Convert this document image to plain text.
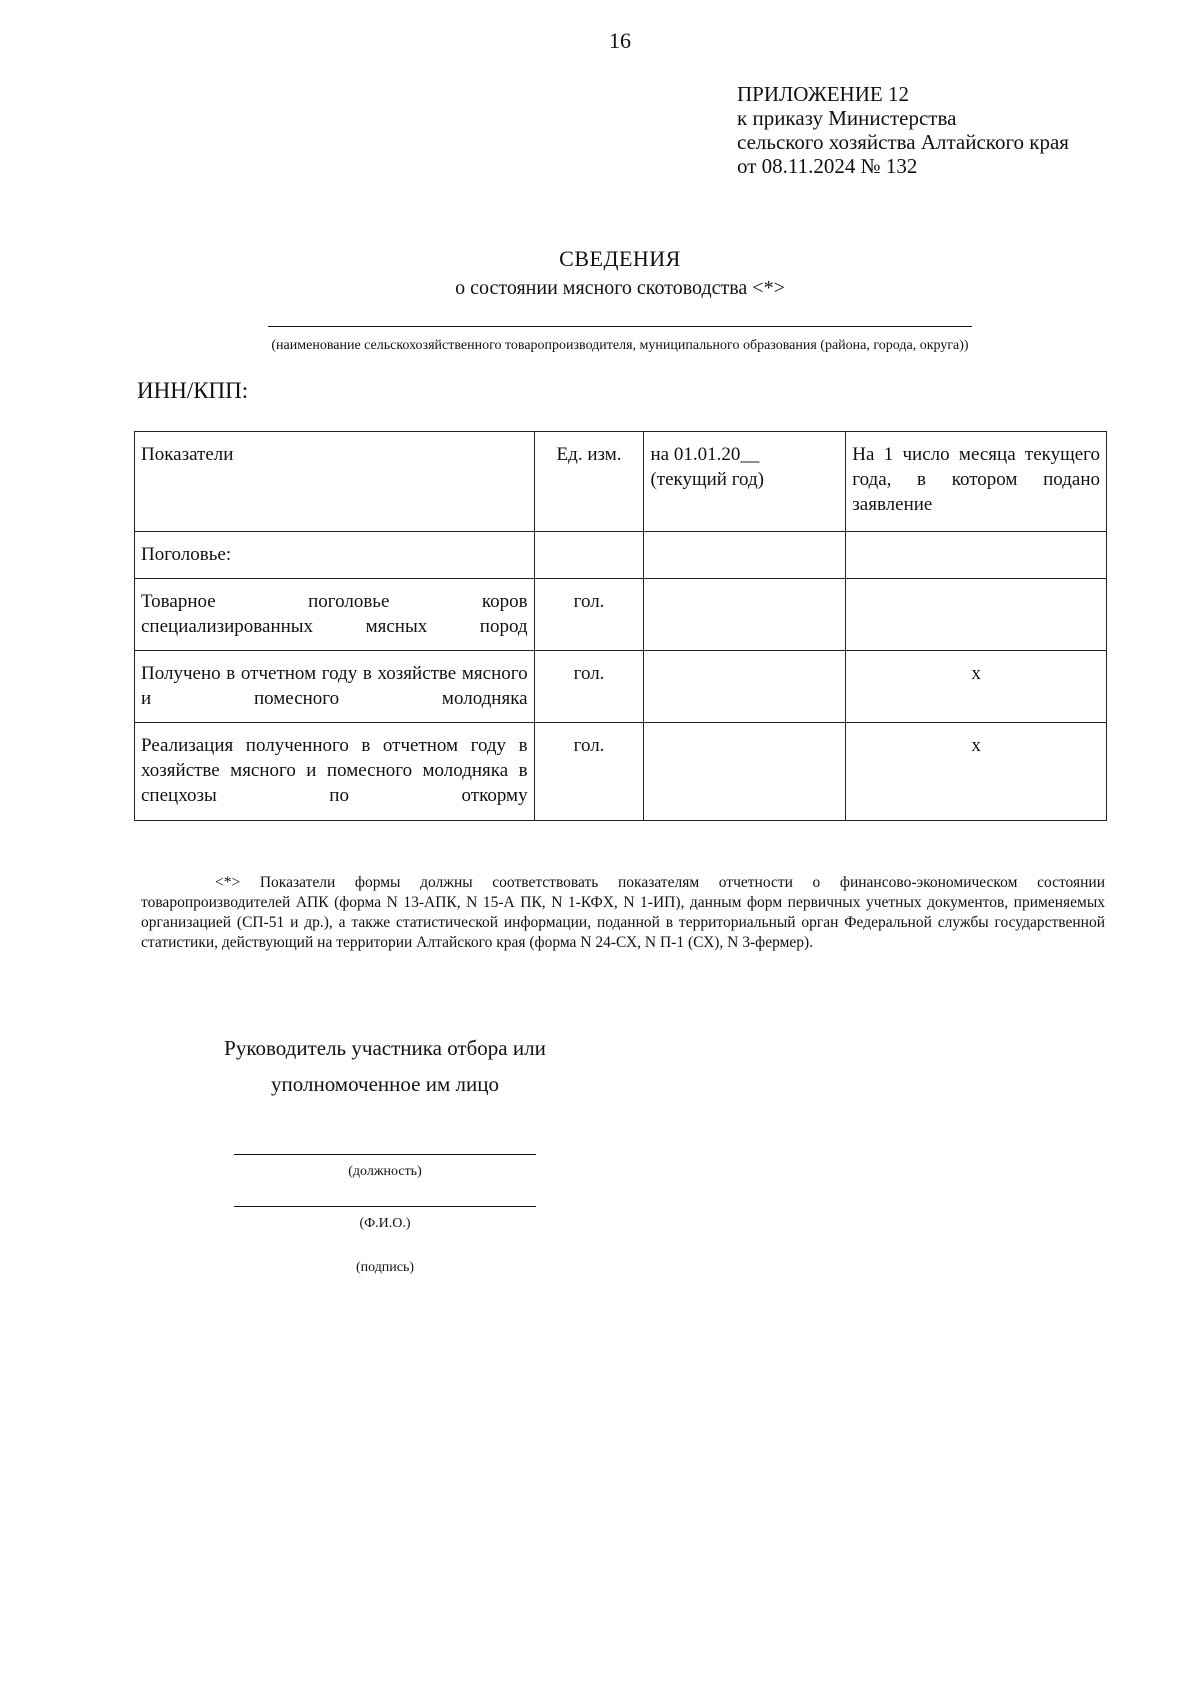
16
ПРИЛОЖЕНИЕ 12
к приказу Министерства
сельского хозяйства Алтайского края
от 08.11.2024 № 132
СВЕДЕНИЯ
о состоянии мясного скотоводства <*>
(наименование сельскохозяйственного товаропроизводителя, муниципального образования (района, города, округа))
ИНН/КПП:
Показатели	Ед. изм.	на 01.01.20__ (текущий год)	На 1 число месяца текущего года, в котором подано заявление
Поголовье:			
Товарное поголовье коров специализированных мясных пород	гол.		
Получено в отчетном году в хозяйстве мясного и помесного молодняка	гол.		x
Реализация полученного в отчетном году в хозяйстве мясного и помесного молодняка в спецхозы по откорму	гол.		x
<*> Показатели формы должны соответствовать показателям отчетности о финансово-экономическом состоянии товаропроизводителей АПК (форма N 13-АПК, N 15-А ПК, N 1-КФХ, N 1-ИП), данным форм первичных учетных документов, применяемых организацией (СП-51 и др.), а также статистической информации, поданной в территориальный орган Федеральной службы государственной статистики, действующий на территории Алтайского края (форма N 24-СХ, N П-1 (СХ), N 3-фермер).
Руководитель участника отбора или
уполномоченное им лицо
(должность)
(Ф.И.О.)
(подпись)
